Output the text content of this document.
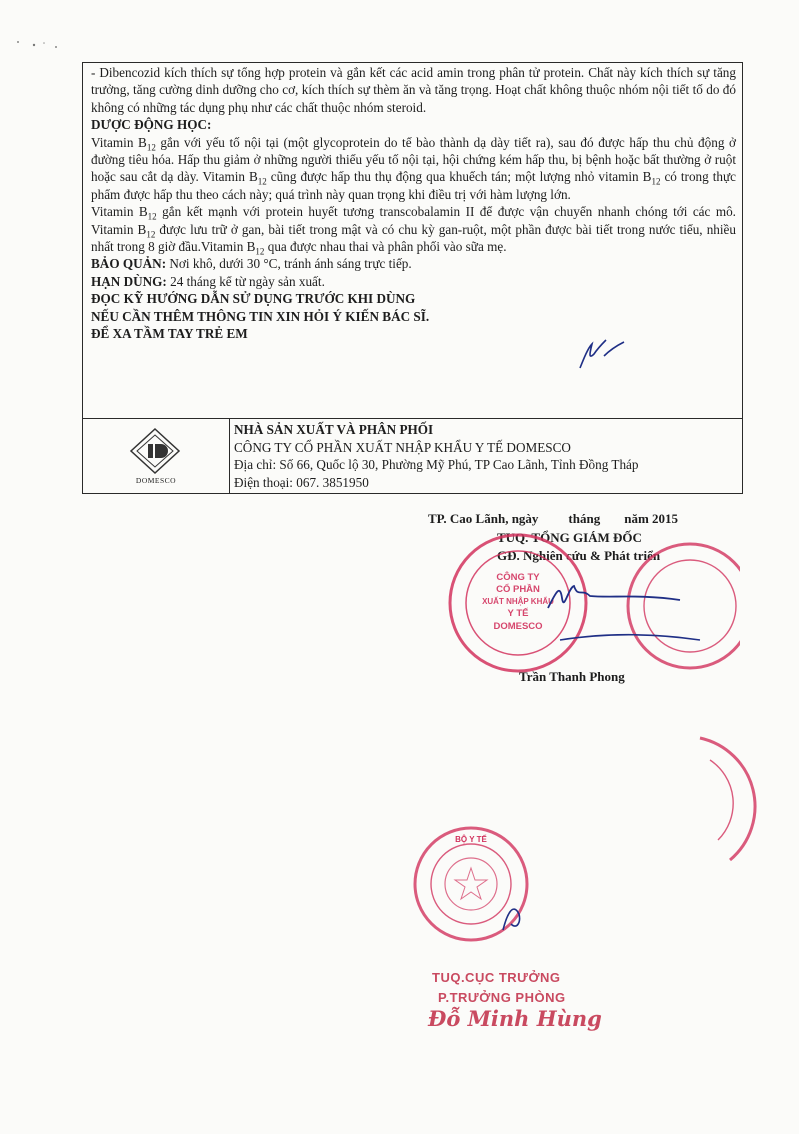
- Dibencozid kích thích sự tổng hợp protein và gắn kết các acid amin trong phân tử protein. Chất này kích thích sự tăng trưởng, tăng cường dinh dưỡng cho cơ, kích thích sự thèm ăn và tăng trọng. Hoạt chất không thuộc nhóm nội tiết tố do đó không có những tác dụng phụ như các chất thuộc nhóm steroid.

DƯỢC ĐỘNG HỌC:

Vitamin $B_{12}$ gắn với yếu tố nội tại (một glycoprotein do tế bào thành dạ dày tiết ra), sau đó được hấp thu chủ động ở đường tiêu hóa. Hấp thu giảm ở những người thiếu yếu tố nội tại, hội chứng kém hấp thu, bị bệnh hoặc bất thường ở ruột hoặc sau cắt dạ dày. Vitamin $B_{12}$ cũng được hấp thu thụ động qua khuếch tán; một lượng nhỏ vitamin $B_{12}$ có trong thực phẩm được hấp thu theo cách này; quá trình này quan trọng khi điều trị với hàm lượng lớn.

Vitamin $B_{12}$ gắn kết mạnh với protein huyết tương transcobalamin II để được vận chuyển nhanh chóng tới các mô. Vitamin $B_{12}$ được lưu trữ ở gan, bài tiết trong mật và có chu kỳ gan-ruột, một phần được bài tiết trong nước tiểu, nhiều nhất trong 8 giờ đầu.Vitamin $B_{12}$ qua được nhau thai và phân phối vào sữa mẹ.

BẢO QUẢN: Nơi khô, dưới 30 °C, tránh ánh sáng trực tiếp.

HẠN DÙNG: 24 tháng kể từ ngày sản xuất.

ĐỌC KỸ HƯỚNG DẪN SỬ DỤNG TRƯỚC KHI DÙNG

NẾU CẦN THÊM THÔNG TIN XIN HỎI Ý KIẾN BÁC SĨ.

ĐỂ XA TẦM TAY TRẺ EM

DOMESCO
NHÀ SẢN XUẤT VÀ PHÂN PHỐI
CÔNG TY CỔ PHẦN XUẤT NHẬP KHẨU Y TẾ DOMESCO
Địa chỉ: Số 66, Quốc lộ 30, Phường Mỹ Phú, TP Cao Lãnh, Tỉnh Đồng Tháp
Điện thoại: 067. 3851950
TP. Cao Lãnh, ngày tháng năm 2015
TUQ. TỔNG GIÁM ĐỐC
GĐ. Nghiên cứu & Phát triển
CÔNG TY
CỔ PHẦN
XUẤT NHẬP KHẨU
Y TẾ
DOMESCO
Trần Thanh Phong
BỘ Y TẾ
TUQ.CỤC TRƯỞNG
P.TRƯỞNG PHÒNG
Đỗ Minh Hùng
